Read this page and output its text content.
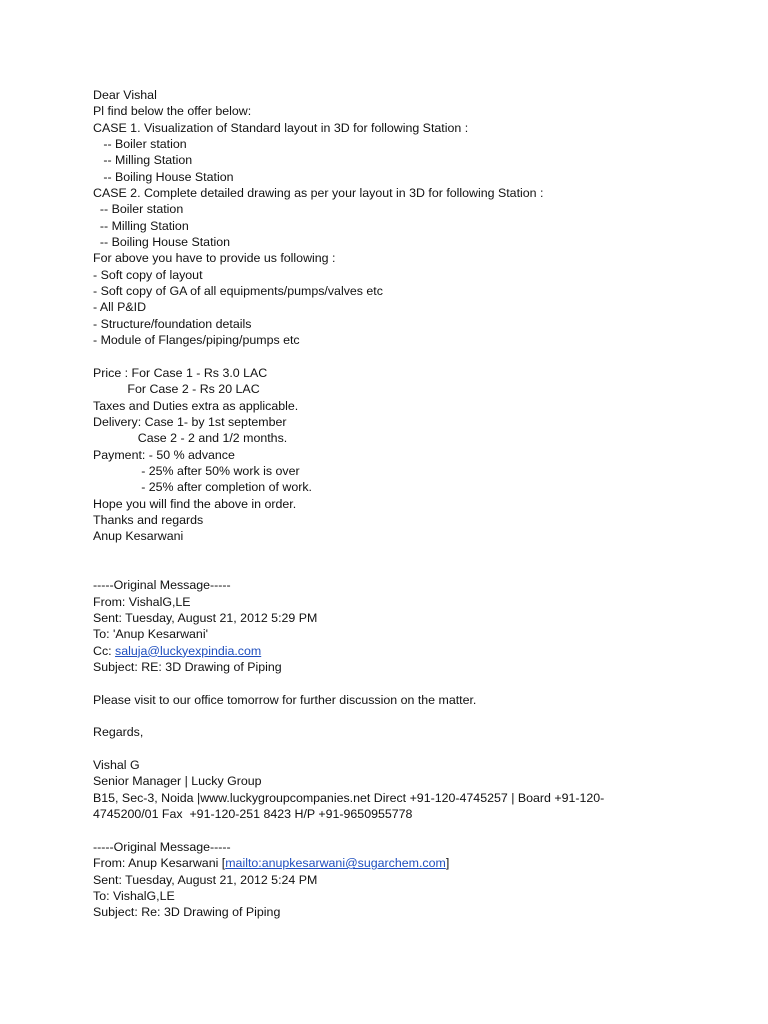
Dear Vishal
Pl find below the offer below:
CASE 1. Visualization of Standard layout in 3D for following Station :
-- Boiler station
-- Milling Station
-- Boiling House Station
CASE 2. Complete detailed drawing as per your layout in 3D for following Station :
-- Boiler station
-- Milling Station
-- Boiling House Station
For above you have to provide us following :
- Soft copy of layout
- Soft copy of GA of all equipments/pumps/valves etc
- All P&ID
- Structure/foundation details
- Module of Flanges/piping/pumps etc
Price : For Case 1 - Rs 3.0 LAC
For Case 2 - Rs 20 LAC
Taxes and Duties extra as applicable.
Delivery: Case 1- by 1st september
Case 2 - 2 and 1/2 months.
Payment: - 50 % advance
- 25% after 50% work is over
- 25% after completion of work.
Hope you will find the above in order.
Thanks and regards
Anup Kesarwani
-----Original Message-----
From: VishalG,LE
Sent: Tuesday, August 21, 2012 5:29 PM
To: 'Anup Kesarwani'
Cc: saluja@luckyexpindia.com
Subject: RE: 3D Drawing of Piping
Please visit to our office tomorrow for further discussion on the matter.
Regards,
Vishal G
Senior Manager | Lucky Group
B15, Sec-3, Noida |www.luckygroupcompanies.net Direct +91-120-4745257 | Board +91-120-
4745200/01 Fax  +91-120-251 8423 H/P +91-9650955778
-----Original Message-----
From: Anup Kesarwani [mailto:anupkesarwani@sugarchem.com]
Sent: Tuesday, August 21, 2012 5:24 PM
To: VishalG,LE
Subject: Re: 3D Drawing of Piping
